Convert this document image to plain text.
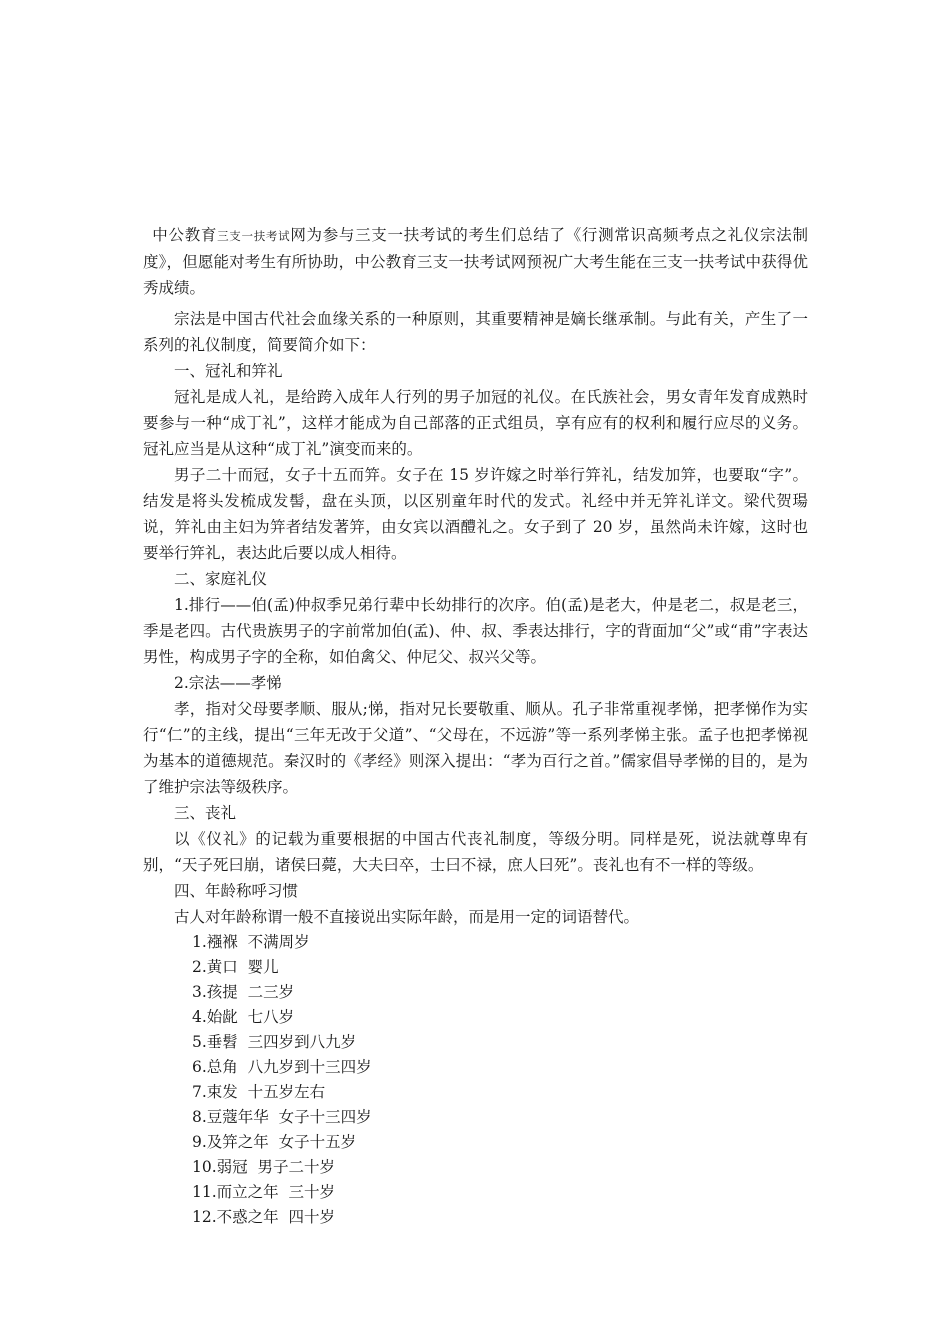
中公教育三支一扶考试网为参与三支一扶考试的考生们总结了《行测常识高频考点之礼仪宗法制度》，但愿能对考生有所协助，中公教育三支一扶考试网预祝广大考生能在三支一扶考试中获得优秀成绩。

宗法是中国古代社会血缘关系的一种原则，其重要精神是嫡长继承制。与此有关，产生了一系列的礼仪制度，简要简介如下：

一、冠礼和笄礼

冠礼是成人礼，是给跨入成年人行列的男子加冠的礼仪。在氏族社会，男女青年发育成熟时要参与一种“成丁礼”，这样才能成为自己部落的正式组员，享有应有的权利和履行应尽的义务。冠礼应当是从这种“成丁礼”演变而来的。

男子二十而冠，女子十五而笄。女子在 15 岁许嫁之时举行笄礼，结发加笄，也要取“字”。结发是将头发梳成发髻，盘在头顶，以区别童年时代的发式。礼经中并无笄礼详文。梁代贺瑒说，笄礼由主妇为笄者结发著笄，由女宾以酒醴礼之。女子到了 20 岁，虽然尚未许嫁，这时也要举行笄礼，表达此后要以成人相待。

二、家庭礼仪

1.排行——伯(孟)仲叔季兄弟行辈中长幼排行的次序。伯(孟)是老大，仲是老二，叔是老三，季是老四。古代贵族男子的字前常加伯(孟)、仲、叔、季表达排行，字的背面加“父”或“甫”字表达男性，构成男子字的全称，如伯禽父、仲尼父、叔兴父等。

2.宗法——孝悌

孝，指对父母要孝顺、服从;悌，指对兄长要敬重、顺从。孔子非常重视孝悌，把孝悌作为实行“仁”的主线，提出“三年无改于父道”、“父母在，不远游”等一系列孝悌主张。孟子也把孝悌视为基本的道德规范。秦汉时的《孝经》则深入提出：“孝为百行之首。”儒家倡导孝悌的目的，是为了维护宗法等级秩序。

三、丧礼

以《仪礼》的记载为重要根据的中国古代丧礼制度，等级分明。同样是死，说法就尊卑有别，“天子死曰崩，诸侯曰薨，大夫曰卒，士曰不禄，庶人曰死”。丧礼也有不一样的等级。

四、年龄称呼习惯

古人对年龄称谓一般不直接说出实际年龄，而是用一定的词语替代。

1.襁褓  不满周岁
2.黄口  婴儿
3.孩提  二三岁
4.始龀  七八岁
5.垂髫  三四岁到八九岁
6.总角  八九岁到十三四岁
7.束发  十五岁左右
8.豆蔻年华  女子十三四岁
9.及笄之年  女子十五岁
10.弱冠  男子二十岁
11.而立之年  三十岁
12.不惑之年  四十岁
